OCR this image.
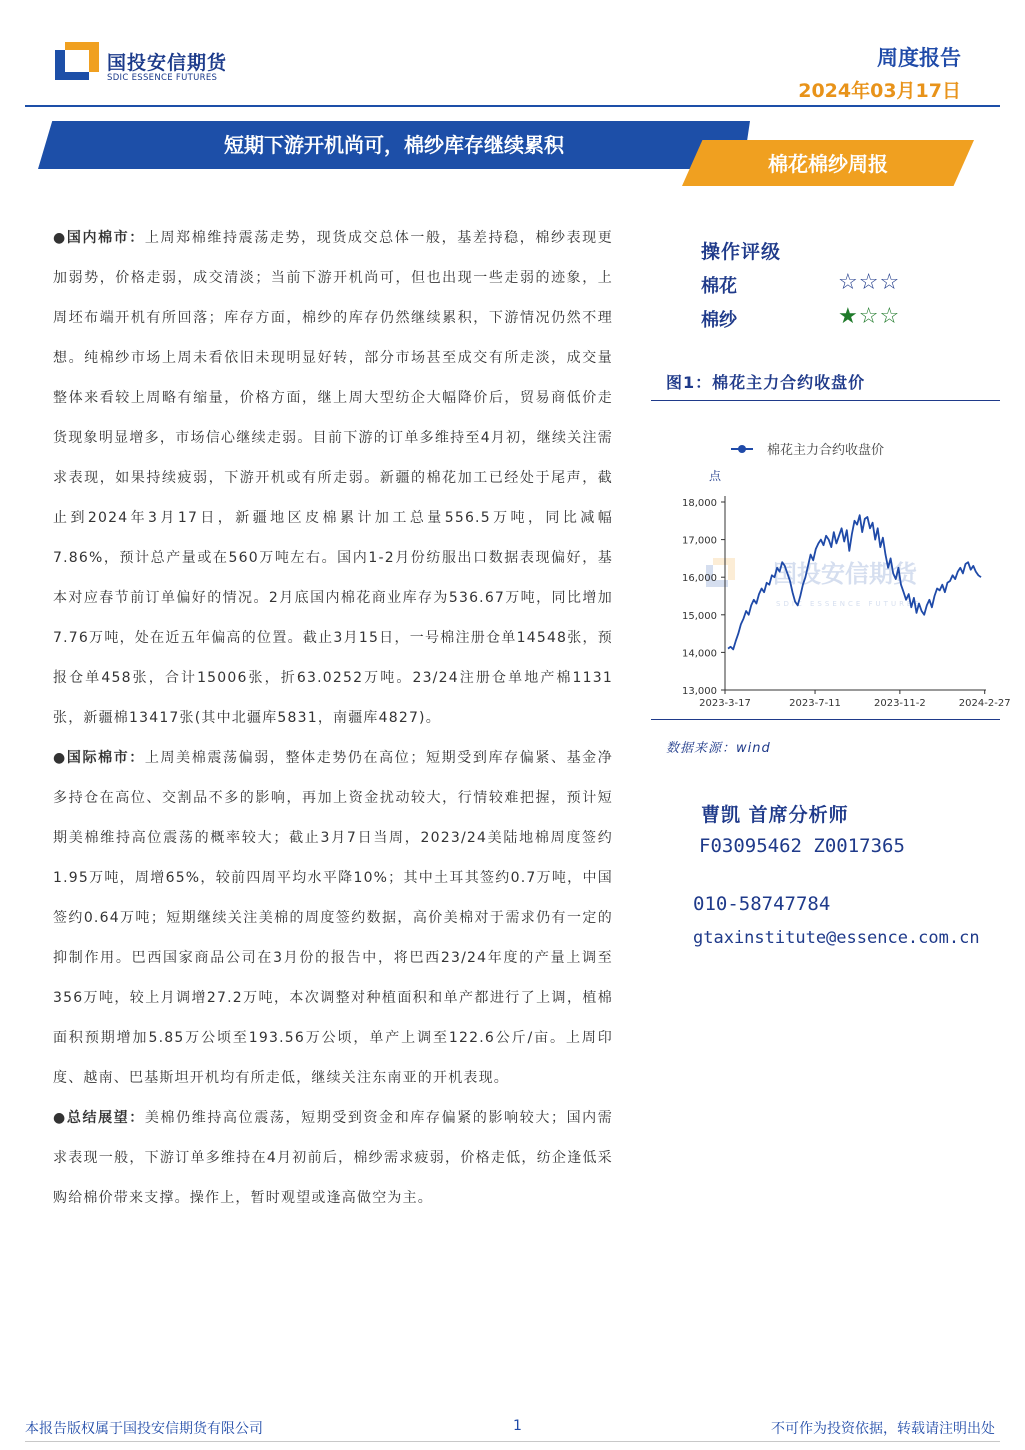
国投安信期货
SDIC ESSENCE FUTURES
周度报告
2024年03月17日
短期下游开机尚可，棉纱库存继续累积
棉花棉纱周报
●国内棉市：上周郑棉维持震荡走势，现货成交总体一般，基差持稳，棉纱表现更加弱势，价格走弱，成交清淡；当前下游开机尚可，但也出现一些走弱的迹象，上周坯布端开机有所回落；库存方面，棉纱的库存仍然继续累积，下游情况仍然不理想。纯棉纱市场上周未看依旧未现明显好转，部分市场甚至成交有所走淡，成交量整体来看较上周略有缩量，价格方面，继上周大型纺企大幅降价后，贸易商低价走货现象明显增多，市场信心继续走弱。目前下游的订单多维持至4月初，继续关注需求表现，如果持续疲弱，下游开机或有所走弱。新疆的棉花加工已经处于尾声，截止到2024年3月17日，新疆地区皮棉累计加工总量556.5万吨，同比减幅7.86%，预计总产量或在560万吨左右。国内1-2月份纺服出口数据表现偏好，基本对应春节前订单偏好的情况。2月底国内棉花商业库存为536.67万吨，同比增加7.76万吨，处在近五年偏高的位置。截止3月15日，一号棉注册仓单14548张，预报仓单458张，合计15006张，折63.0252万吨。23/24注册仓单地产棉1131张，新疆棉13417张(其中北疆库5831，南疆库4827)。
●国际棉市：上周美棉震荡偏弱，整体走势仍在高位；短期受到库存偏紧、基金净多持仓在高位、交割品不多的影响，再加上资金扰动较大，行情较难把握，预计短期美棉维持高位震荡的概率较大；截止3月7日当周，2023/24美陆地棉周度签约1.95万吨，周增65%，较前四周平均水平降10%；其中土耳其签约0.7万吨，中国签约0.64万吨；短期继续关注美棉的周度签约数据，高价美棉对于需求仍有一定的抑制作用。巴西国家商品公司在3月份的报告中，将巴西23/24年度的产量上调至356万吨，较上月调增27.2万吨，本次调整对种植面积和单产都进行了上调，植棉面积预期增加5.85万公顷至193.56万公顷，单产上调至122.6公斤/亩。上周印度、越南、巴基斯坦开机均有所走低，继续关注东南亚的开机表现。
●总结展望：美棉仍维持高位震荡，短期受到资金和库存偏紧的影响较大；国内需求表现一般，下游订单多维持在4月初前后，棉纱需求疲弱，价格走低，纺企逢低采购给棉价带来支撑。操作上，暂时观望或逢高做空为主。
操作评级
棉花	☆☆☆
棉纱	★☆☆
图1：棉花主力合约收盘价
国投安信期货
SDIC ESSENCE FUTURES
棉花主力合约收盘价
点
13,000
14,000
15,000
16,000
17,000
18,000
2023-3-17	2023-7-11	2023-11-2	2024-2-27
数据来源：wind
曹凯 首席分析师
F03095462 Z0017365
010-58747784
gtaxinstitute@essence.com.cn
本报告版权属于国投安信期货有限公司	1	不可作为投资依据，转载请注明出处
